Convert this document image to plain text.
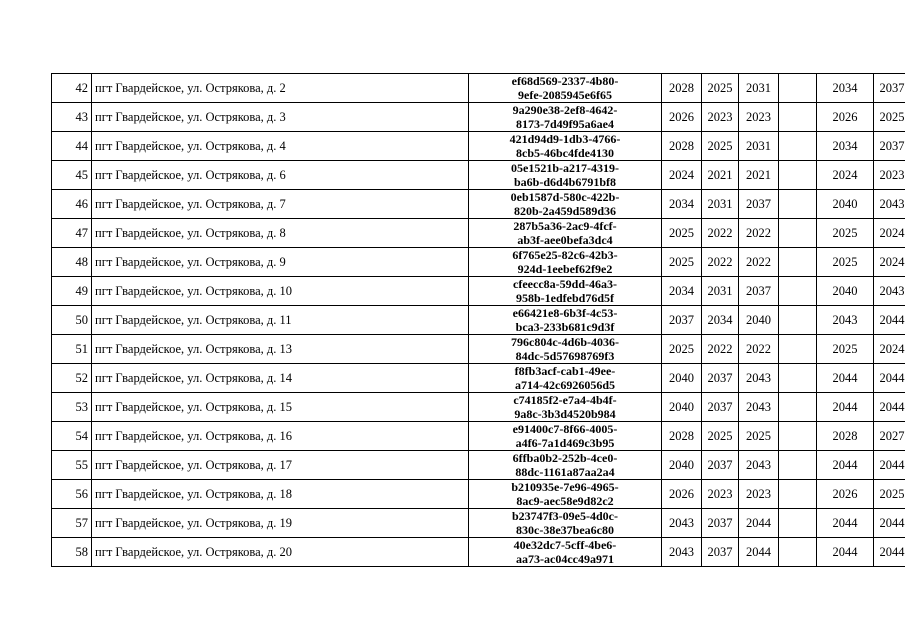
42	пгт Гвардейское, ул. Острякова, д. 2	ef68d569-2337-4b80-
9efe-2085945e6f65	2028	2025	2031		2034	2037
43	пгт Гвардейское, ул. Острякова, д. 3	9a290e38-2ef8-4642-
8173-7d49f95a6ae4	2026	2023	2023		2026	2025
44	пгт Гвардейское, ул. Острякова, д. 4	421d94d9-1db3-4766-
8cb5-46bc4fde4130	2028	2025	2031		2034	2037
45	пгт Гвардейское, ул. Острякова, д. 6	05e1521b-a217-4319-
ba6b-d6d4b6791bf8	2024	2021	2021		2024	2023
46	пгт Гвардейское, ул. Острякова, д. 7	0eb1587d-580c-422b-
820b-2a459d589d36	2034	2031	2037		2040	2043
47	пгт Гвардейское, ул. Острякова, д. 8	287b5a36-2ac9-4fcf-
ab3f-aee0befa3dc4	2025	2022	2022		2025	2024
48	пгт Гвардейское, ул. Острякова, д. 9	6f765e25-82c6-42b3-
924d-1eebef62f9e2	2025	2022	2022		2025	2024
49	пгт Гвардейское, ул. Острякова, д. 10	cfeecc8a-59dd-46a3-
958b-1edfebd76d5f	2034	2031	2037		2040	2043
50	пгт Гвардейское, ул. Острякова, д. 11	e66421e8-6b3f-4c53-
bca3-233b681c9d3f	2037	2034	2040		2043	2044
51	пгт Гвардейское, ул. Острякова, д. 13	796c804c-4d6b-4036-
84dc-5d57698769f3	2025	2022	2022		2025	2024
52	пгт Гвардейское, ул. Острякова, д. 14	f8fb3acf-cab1-49ee-
a714-42c6926056d5	2040	2037	2043		2044	2044
53	пгт Гвардейское, ул. Острякова, д. 15	c74185f2-e7a4-4b4f-
9a8c-3b3d4520b984	2040	2037	2043		2044	2044
54	пгт Гвардейское, ул. Острякова, д. 16	e91400c7-8f66-4005-
a4f6-7a1d469c3b95	2028	2025	2025		2028	2027
55	пгт Гвардейское, ул. Острякова, д. 17	6ffba0b2-252b-4ce0-
88dc-1161a87aa2a4	2040	2037	2043		2044	2044
56	пгт Гвардейское, ул. Острякова, д. 18	b210935e-7e96-4965-
8ac9-aec58e9d82c2	2026	2023	2023		2026	2025
57	пгт Гвардейское, ул. Острякова, д. 19	b23747f3-09e5-4d0c-
830c-38e37bea6c80	2043	2037	2044		2044	2044
58	пгт Гвардейское, ул. Острякова, д. 20	40e32dc7-5cff-4be6-
aa73-ac04cc49a971	2043	2037	2044		2044	2044
